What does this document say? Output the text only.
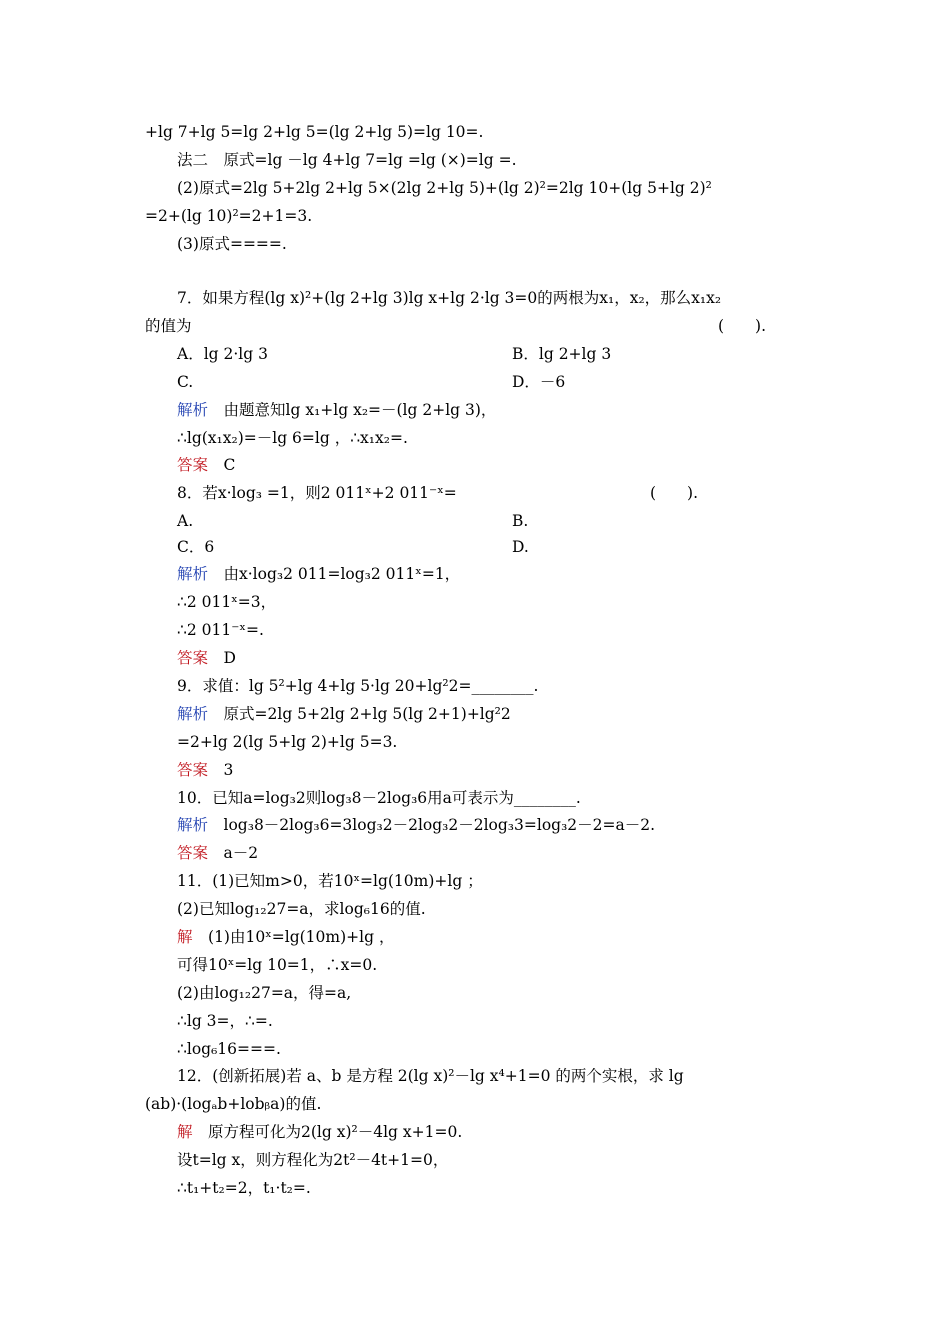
+lg 7+lg 5=lg 2+lg 5=(lg 2+lg 5)=lg 10=.
法二　原式=lg －lg 4+lg 7=lg =lg (×)=lg =.
(2)原式=2lg 5+2lg 2+lg 5×(2lg 2+lg 5)+(lg 2)²=2lg 10+(lg 5+lg 2)²
=2+(lg 10)²=2+1=3.
(3)原式====.
7．如果方程(lg x)²+(lg 2+lg 3)lg x+lg 2·lg 3=0的两根为x₁，x₂，那么x₁x₂
的值为	(　　).
A．lg 2·lg 3	B．lg 2+lg 3
C.	D．－6
解析　由题意知lg x₁+lg x₂=－(lg 2+lg 3)，
∴lg(x₁x₂)=－lg 6=lg ，∴x₁x₂=.
答案　C
8．若x·log₃ =1，则2 011ˣ+2 011⁻ˣ=	(　　).
A.	B.
C．6	D.
解析　由x·log₃2 011=log₃2 011ˣ=1，
∴2 011ˣ=3，
∴2 011⁻ˣ=.
答案　D
9．求值：lg 5²+lg 4+lg 5·lg 20+lg²2=________.
解析　原式=2lg 5+2lg 2+lg 5(lg 2+1)+lg²2
=2+lg 2(lg 5+lg 2)+lg 5=3.
答案　3
10．已知a=log₃2则log₃8－2log₃6用a可表示为________.
解析　log₃8－2log₃6=3log₃2－2log₃2－2log₃3=log₃2－2=a－2.
答案　a－2
11．(1)已知m>0，若10ˣ=lg(10m)+lg ；
(2)已知log₁₂27=a，求log₆16的值.
解　(1)由10ˣ=lg(10m)+lg ，
可得10ˣ=lg 10=1，∴x=0.
(2)由log₁₂27=a，得=a,
∴lg 3=，∴=.
∴log₆16===.
12．(创新拓展)若 a、b 是方程 2(lg x)²－lg x⁴+1=0 的两个实根，求 lg
(ab)·(logₐb+lobᵦa)的值.
解　原方程可化为2(lg x)²－4lg x+1=0.
设t=lg x，则方程化为2t²－4t+1=0，
∴t₁+t₂=2，t₁·t₂=.
